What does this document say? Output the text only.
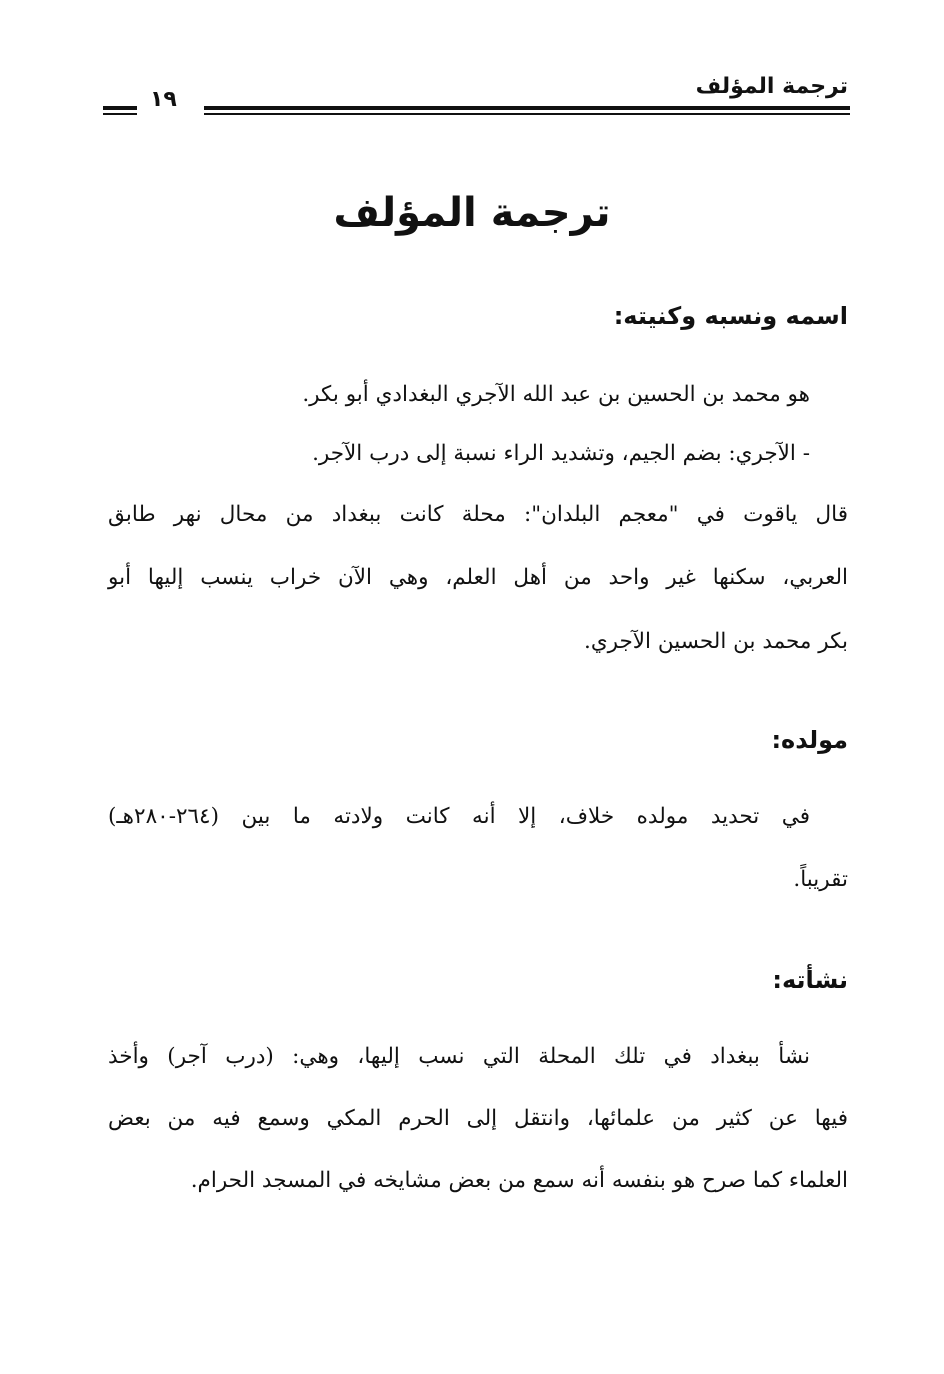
ترجمة المؤلف
١٩
ترجمة المؤلف
اسمه ونسبه وكنيته:
هو محمد بن الحسين بن عبد الله الآجري البغدادي أبو بكر.
- الآجري: بضم الجيم، وتشديد الراء نسبة إلى درب الآجر.
قال ياقوت في "معجم البلدان": محلة كانت ببغداد من محال نهر طابق
العربي، سكنها غير واحد من أهل العلم، وهي الآن خراب ينسب إليها أبو
بكر محمد بن الحسين الآجري.
مولده:
في تحديد مولده خلاف، إلا أنه كانت ولادته ما بين (٢٦٤-٢٨٠هـ)
تقريباً.
نشأته:
نشأ ببغداد في تلك المحلة التي نسب إليها، وهي: (درب آجر) وأخذ
فيها عن كثير من علمائها، وانتقل إلى الحرم المكي وسمع فيه من بعض
العلماء كما صرح هو بنفسه أنه سمع من بعض مشايخه في المسجد الحرام.
